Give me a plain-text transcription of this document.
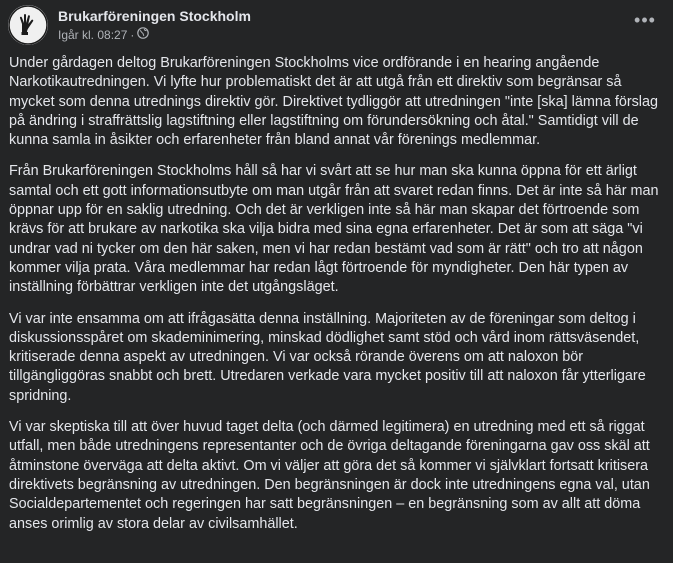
Brukarföreningen Stockholm
Igår kl. 08:27 ·
•••

Under gårdagen deltog Brukarföreningen Stockholms vice ordförande i en hearing angående Narkotikautredningen. Vi lyfte hur problematiskt det är att utgå från ett direktiv som begränsar så mycket som denna utrednings direktiv gör. Direktivet tydliggör att utredningen "inte [ska] lämna förslag på ändring i straffrättslig lagstiftning eller lagstiftning om förundersökning och åtal." Samtidigt vill de kunna samla in åsikter och erfarenheter från bland annat vår förenings medlemmar.

Från Brukarföreningen Stockholms håll så har vi svårt att se hur man ska kunna öppna för ett ärligt samtal och ett gott informationsutbyte om man utgår från att svaret redan finns. Det är inte så här man öppnar upp för en saklig utredning. Och det är verkligen inte så här man skapar det förtroende som krävs för att brukare av narkotika ska vilja bidra med sina egna erfarenheter. Det är som att säga "vi undrar vad ni tycker om den här saken, men vi har redan bestämt vad som är rätt" och tro att någon kommer vilja prata. Våra medlemmar har redan lågt förtroende för myndigheter. Den här typen av inställning förbättrar verkligen inte det utgångsläget.

Vi var inte ensamma om att ifrågasätta denna inställning. Majoriteten av de föreningar som deltog i diskussionsspåret om skademinimering, minskad dödlighet samt stöd och vård inom rättsväsendet, kritiserade denna aspekt av utredningen. Vi var också rörande överens om att naloxon bör tillgängliggöras snabbt och brett. Utredaren verkade vara mycket positiv till att naloxon får ytterligare spridning.

Vi var skeptiska till att över huvud taget delta (och därmed legitimera) en utredning med ett så riggat utfall, men både utredningens representanter och de övriga deltagande föreningarna gav oss skäl att åtminstone överväga att delta aktivt. Om vi väljer att göra det så kommer vi självklart fortsatt kritisera direktivets begränsning av utredningen. Den begränsningen är dock inte utredningens egna val, utan Socialdepartementet och regeringen har satt begränsningen – en begränsning som av allt att döma anses orimlig av stora delar av civilsamhället.
